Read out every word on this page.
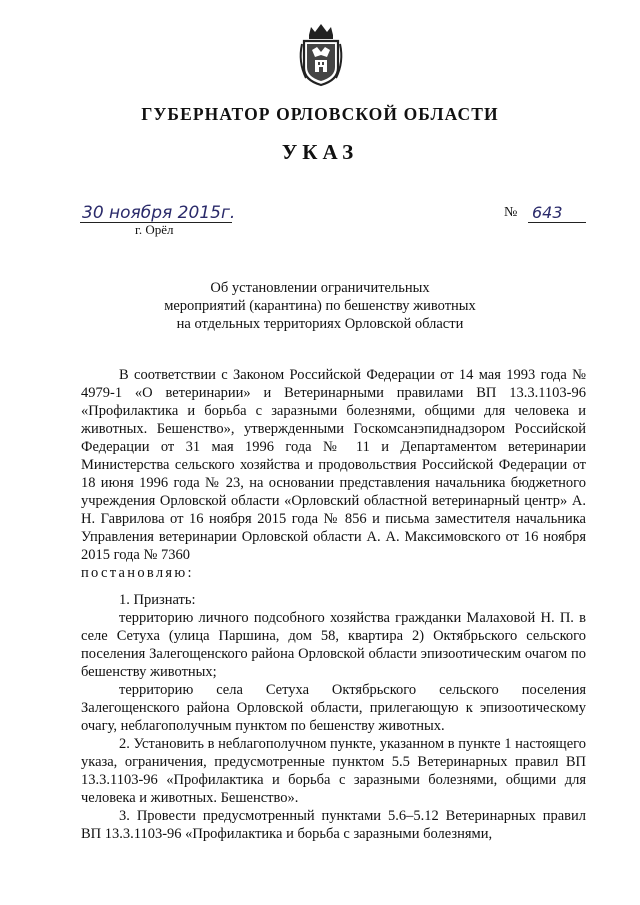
ГУБЕРНАТОР ОРЛОВСКОЙ ОБЛАСТИ
УКАЗ
30 ноября 2015г.
г. Орёл
№ 643
Об установлении ограничительных
мероприятий (карантина) по бешенству животных
на отдельных территориях Орловской области

В соответствии с Законом Российской Федерации от 14 мая 1993 года № 4979-1 «О ветеринарии» и Ветеринарными правилами ВП 13.3.1103-96 «Профилактика и борьба с заразными болезнями, общими для человека и животных. Бешенство», утвержденными Госкомсанэпиднадзором Российской Федерации от 31 мая 1996 года № 11 и Департаментом ветеринарии Министерства сельского хозяйства и продовольствия Российской Федерации от 18 июня 1996 года № 23, на основании представления начальника бюджетного учреждения Орловской области «Орловский областной ветеринарный центр» А. Н. Гаврилова от 16 ноября 2015 года № 856 и письма заместителя начальника Управления ветеринарии Орловской области А. А. Максимовского от 16 ноября 2015 года № 7360

постановляю:

1. Признать:

территорию личного подсобного хозяйства гражданки Малаховой Н. П. в селе Сетуха (улица Паршина, дом 58, квартира 2) Октябрьского сельского поселения Залегощенского района Орловской области эпизоотическим очагом по бешенству животных;

территорию села Сетуха Октябрьского сельского поселения Залегощенского района Орловской области, прилегающую к эпизоотическому очагу, неблагополучным пунктом по бешенству животных.

2. Установить в неблагополучном пункте, указанном в пункте 1 настоящего указа, ограничения, предусмотренные пунктом 5.5 Ветеринарных правил ВП 13.3.1103-96 «Профилактика и борьба с заразными болезнями, общими для человека и животных. Бешенство».

3. Провести предусмотренный пунктами 5.6–5.12 Ветеринарных правил ВП 13.3.1103-96 «Профилактика и борьба с заразными болезнями,
